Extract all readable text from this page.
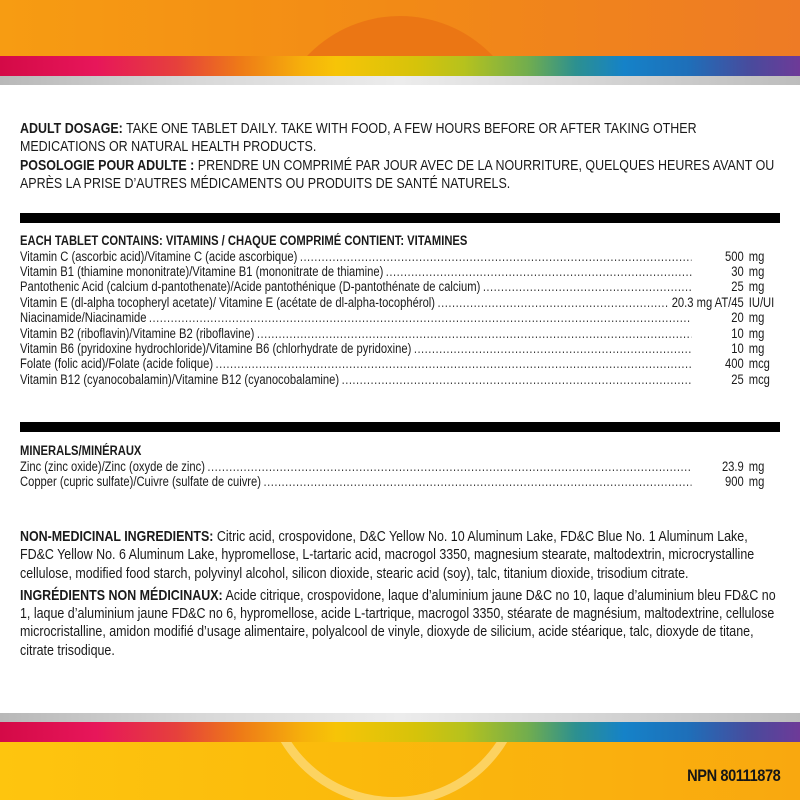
ADULT DOSAGE: TAKE ONE TABLET DAILY. TAKE WITH FOOD, A FEW HOURS BEFORE OR AFTER TAKING OTHER MEDICATIONS OR NATURAL HEALTH PRODUCTS.

POSOLOGIE POUR ADULTE : PRENDRE UN COMPRIMÉ PAR JOUR AVEC DE LA NOURRITURE, QUELQUES HEURES AVANT OU APRÈS LA PRISE D’AUTRES MÉDICAMENTS OU PRODUITS DE SANTÉ NATURELS.

EACH TABLET CONTAINS: VITAMINS / CHAQUE COMPRIMÉ CONTIENT: VITAMINES
Vitamin C (ascorbic acid)/Vitamine C (acide ascorbique) .....	500 mg
Vitamin B1 (thiamine mononitrate)/Vitamine B1 (mononitrate de thiamine) .....	30 mg
Pantothenic Acid (calcium d-pantothenate)/Acide pantothénique (D-pantothénate de calcium) .....	25 mg
Vitamin E (dl-alpha tocopheryl acetate)/ Vitamine E (acétate de dl-alpha-tocophérol) .....	20.3 mg AT/45 IU/UI
Niacinamide/Niacinamide .....	20 mg
Vitamin B2 (riboflavin)/Vitamine B2 (riboflavine) .....	10 mg
Vitamin B6 (pyridoxine hydrochloride)/Vitamine B6 (chlorhydrate de pyridoxine) .....	10 mg
Folate (folic acid)/Folate (acide folique) .....	400 mcg
Vitamin B12 (cyanocobalamin)/Vitamine B12 (cyanocobalamine) .....	25 mcg
MINERALS/MINÉRAUX
Zinc (zinc oxide)/Zinc (oxyde de zinc) .....	23.9 mg
Copper (cupric sulfate)/Cuivre (sulfate de cuivre) .....	900 mg

NON-MEDICINAL INGREDIENTS: Citric acid, crospovidone, D&C Yellow No. 10 Aluminum Lake, FD&C Blue No. 1 Aluminum Lake, FD&C Yellow No. 6 Aluminum Lake, hypromellose, L-tartaric acid, macrogol 3350, magnesium stearate, maltodextrin, microcrystalline cellulose, modified food starch, polyvinyl alcohol, silicon dioxide, stearic acid (soy), talc, titanium dioxide, trisodium citrate.

INGRÉDIENTS NON MÉDICINAUX: Acide citrique, crospovidone, laque d’aluminium jaune D&C no 10, laque d’aluminium bleu FD&C no 1, laque d’aluminium jaune FD&C no 6, hypromellose, acide L-tartrique, macrogol 3350, stéarate de magnésium, maltodextrine, cellulose microcristalline, amidon modifié d’usage alimentaire, polyalcool de vinyle, dioxyde de silicium, acide stéarique, talc, dioxyde de titane, citrate trisodique.

NPN 80111878
